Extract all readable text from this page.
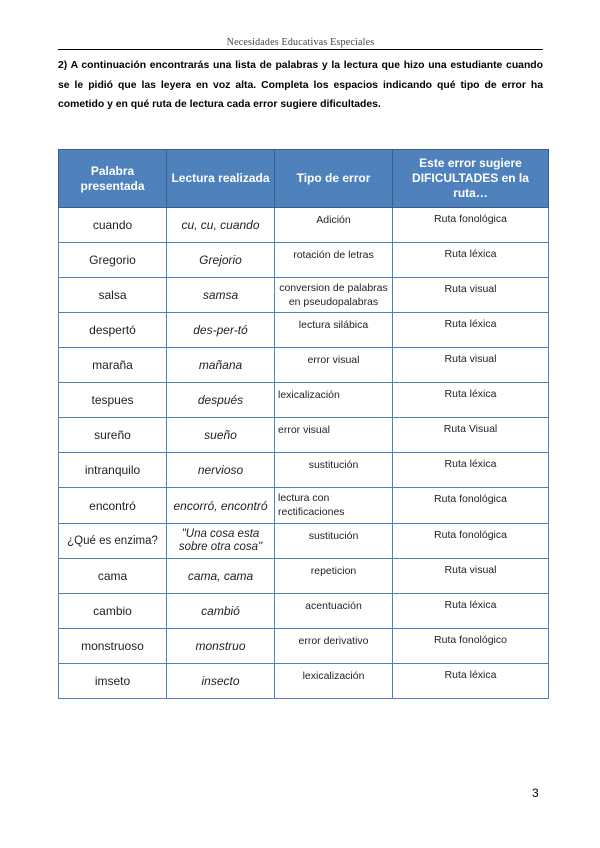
Necesidades Educativas Especiales
2) A continuación encontrarás una lista de palabras y la lectura que hizo una estudiante cuando se le pidió que las leyera en voz alta. Completa los espacios indicando qué tipo de error ha cometido y en qué ruta de lectura cada error sugiere dificultades.
Palabra presentada	Lectura realizada	Tipo de error	Este error sugiere DIFICULTADES en la ruta…
cuando	cu, cu, cuando	Adición	Ruta fonológica
Gregorio	Grejorio	rotación de letras	Ruta léxica
salsa	samsa	conversion de palabras en pseudopalabras	Ruta visual
despertó	des-per-tó	lectura silábica	Ruta léxica
maraña	mañana	error visual	Ruta visual
tespues	después	lexicalización	Ruta léxica
sureño	sueño	error visual	Ruta Visual
intranquilo	nervioso	sustitución	Ruta léxica
encontró	encorró, encontró	lectura con rectificaciones	Ruta fonológica
¿Qué es enzima?	"Una cosa esta sobre otra cosa"	sustitución	Ruta fonológica
cama	cama, cama	repeticion	Ruta visual
cambio	cambió	acentuación	Ruta léxica
monstruoso	monstruo	error derivativo	Ruta fonológico
imseto	insecto	lexicalización	Ruta léxica
3
